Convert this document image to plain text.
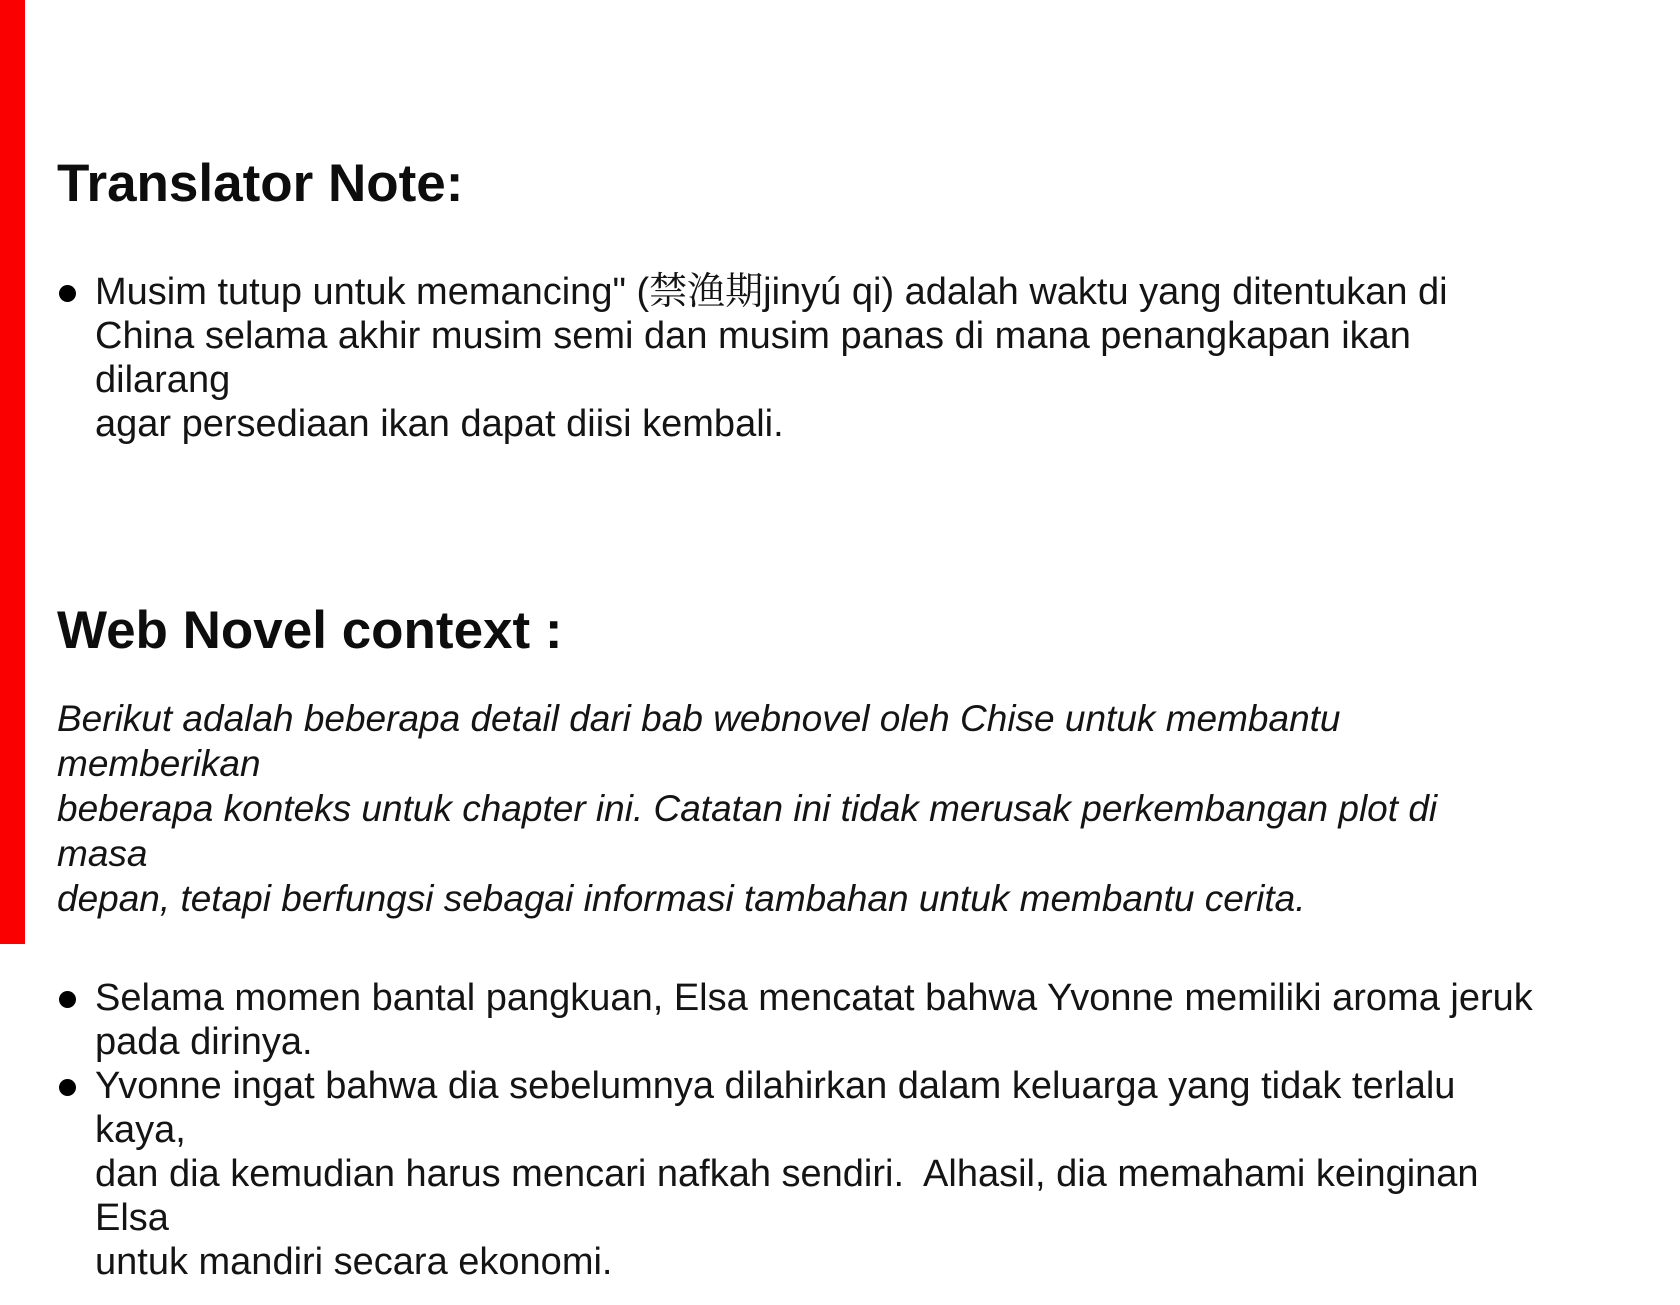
Translator Note:
Musim tutup untuk memancing" (禁渔期jinyú qi) adalah waktu yang ditentukan di
China selama akhir musim semi dan musim panas di mana penangkapan ikan dilarang
agar persediaan ikan dapat diisi kembali.
Web Novel context :
Berikut adalah beberapa detail dari bab webnovel oleh Chise untuk membantu memberikan
beberapa konteks untuk chapter ini. Catatan ini tidak merusak perkembangan plot di masa
depan, tetapi berfungsi sebagai informasi tambahan untuk membantu cerita.
Selama momen bantal pangkuan, Elsa mencatat bahwa Yvonne memiliki aroma jeruk
pada dirinya.
Yvonne ingat bahwa dia sebelumnya dilahirkan dalam keluarga yang tidak terlalu kaya,
dan dia kemudian harus mencari nafkah sendiri.  Alhasil, dia memahami keinginan Elsa
untuk mandiri secara ekonomi.
